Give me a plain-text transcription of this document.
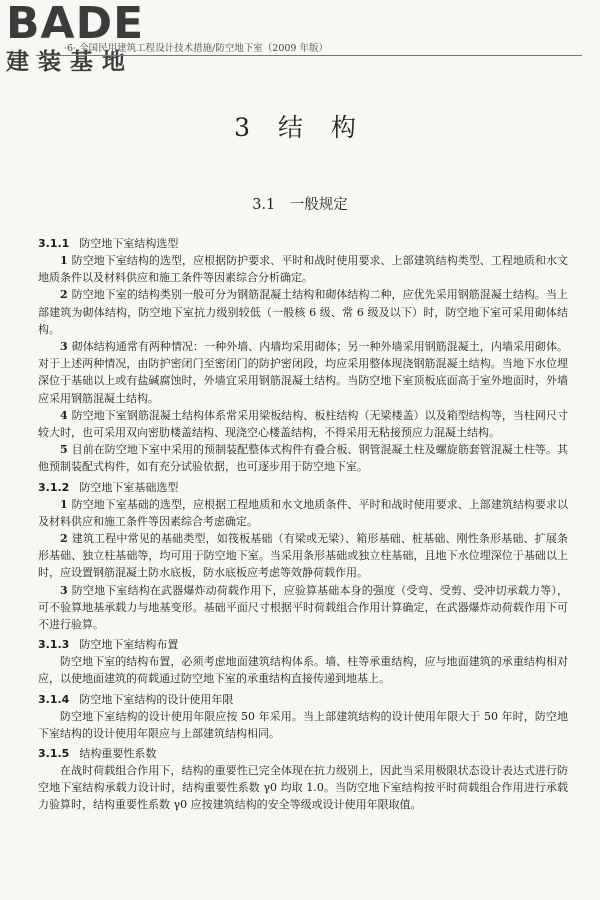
BADE
建装基地
·6· 全国民用建筑工程设计技术措施/防空地下室（2009 年版）
3 结 构
3.1　一般规定
3.1.1 防空地下室结构选型

1 防空地下室结构的选型，应根据防护要求、平时和战时使用要求、上部建筑结构类型、工程地质和水文地质条件以及材料供应和施工条件等因素综合分析确定。

2 防空地下室的结构类别一般可分为钢筋混凝土结构和砌体结构二种，应优先采用钢筋混凝土结构。当上部建筑为砌体结构，防空地下室抗力级别较低（一般核 6 级、常 6 级及以下）时，防空地下室可采用砌体结构。

3 砌体结构通常有两种情况：一种外墙、内墙均采用砌体；另一种外墙采用钢筋混凝土，内墙采用砌体。对于上述两种情况，由防护密闭门至密闭门的防护密闭段，均应采用整体现浇钢筋混凝土结构。当地下水位埋深位于基础以上或有盐碱腐蚀时，外墙宜采用钢筋混凝土结构。当防空地下室顶板底面高于室外地面时，外墙应采用钢筋混凝土结构。

4 防空地下室钢筋混凝土结构体系常采用梁板结构、板柱结构（无梁楼盖）以及箱型结构等，当柱网尺寸较大时，也可采用双向密肋楼盖结构、现浇空心楼盖结构，不得采用无粘接预应力混凝土结构。

5 目前在防空地下室中采用的预制装配整体式构件有叠合板、钢管混凝土柱及螺旋筋套管混凝土柱等。其他预制装配式构件，如有充分试验依据，也可逐步用于防空地下室。

3.1.2 防空地下室基础选型

1 防空地下室基础的选型，应根据工程地质和水文地质条件、平时和战时使用要求、上部建筑结构要求以及材料供应和施工条件等因素综合考虑确定。

2 建筑工程中常见的基础类型，如筏板基础（有梁或无梁）、箱形基础、桩基础、刚性条形基础、扩展条形基础、独立柱基础等，均可用于防空地下室。当采用条形基础或独立柱基础，且地下水位埋深位于基础以上时，应设置钢筋混凝土防水底板，防水底板应考虑等效静荷载作用。

3 防空地下室结构在武器爆炸动荷载作用下，应验算基础本身的强度（受弯、受剪、受冲切承载力等），可不验算地基承载力与地基变形。基础平面尺寸根据平时荷载组合作用计算确定，在武器爆炸动荷载作用下可不进行验算。

3.1.3 防空地下室结构布置

防空地下室的结构布置，必须考虑地面建筑结构体系。墙、柱等承重结构，应与地面建筑的承重结构相对应，以使地面建筑的荷载通过防空地下室的承重结构直接传递到地基上。

3.1.4 防空地下室结构的设计使用年限

防空地下室结构的设计使用年限应按 50 年采用。当上部建筑结构的设计使用年限大于 50 年时，防空地下室结构的设计使用年限应与上部建筑结构相同。

3.1.5 结构重要性系数

在战时荷载组合作用下，结构的重要性已完全体现在抗力级别上，因此当采用极限状态设计表达式进行防空地下室结构承载力设计时，结构重要性系数 γ0 均取 1.0。当防空地下室结构按平时荷载组合作用进行承载力验算时，结构重要性系数 γ0 应按建筑结构的安全等级或设计使用年限取值。
